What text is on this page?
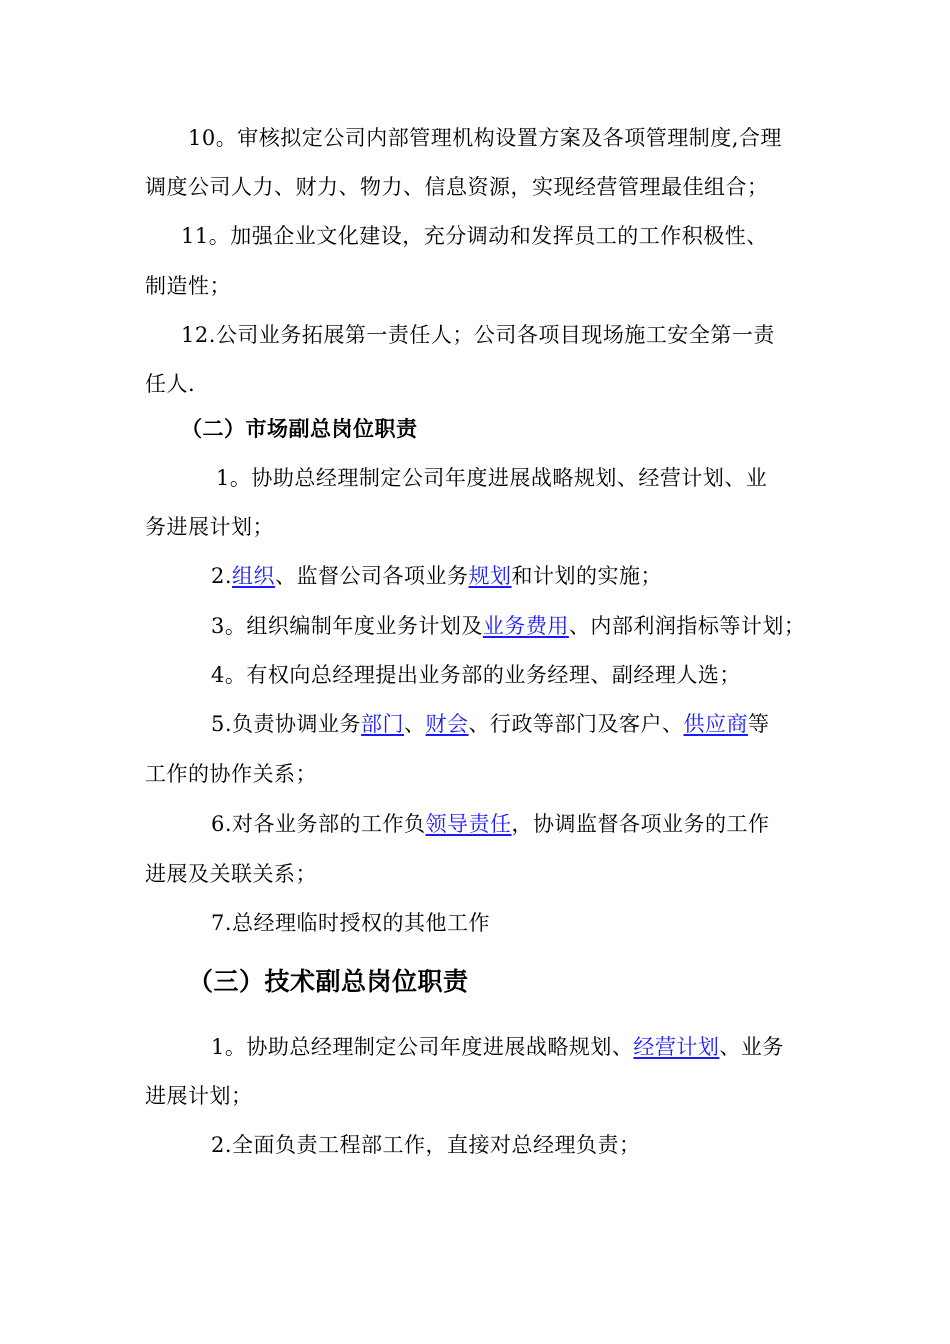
10。审核拟定公司内部管理机构设置方案及各项管理制度,合理
调度公司人力、财力、物力、信息资源，实现经营管理最佳组合；
11。加强企业文化建设，充分调动和发挥员工的工作积极性、
制造性；
12.公司业务拓展第一责任人；公司各项目现场施工安全第一责
任人.
（二）市场副总岗位职责
1。协助总经理制定公司年度进展战略规划、经营计划、业
务进展计划；
2.组织、监督公司各项业务规划和计划的实施；
3。组织编制年度业务计划及业务费用、内部利润指标等计划；
4。有权向总经理提出业务部的业务经理、副经理人选；
5.负责协调业务部门、财会、行政等部门及客户、供应商等
工作的协作关系；
6.对各业务部的工作负领导责任，协调监督各项业务的工作
进展及关联关系；
7.总经理临时授权的其他工作
（三）技术副总岗位职责
1。协助总经理制定公司年度进展战略规划、经营计划、业务
进展计划；
2.全面负责工程部工作，直接对总经理负责；
